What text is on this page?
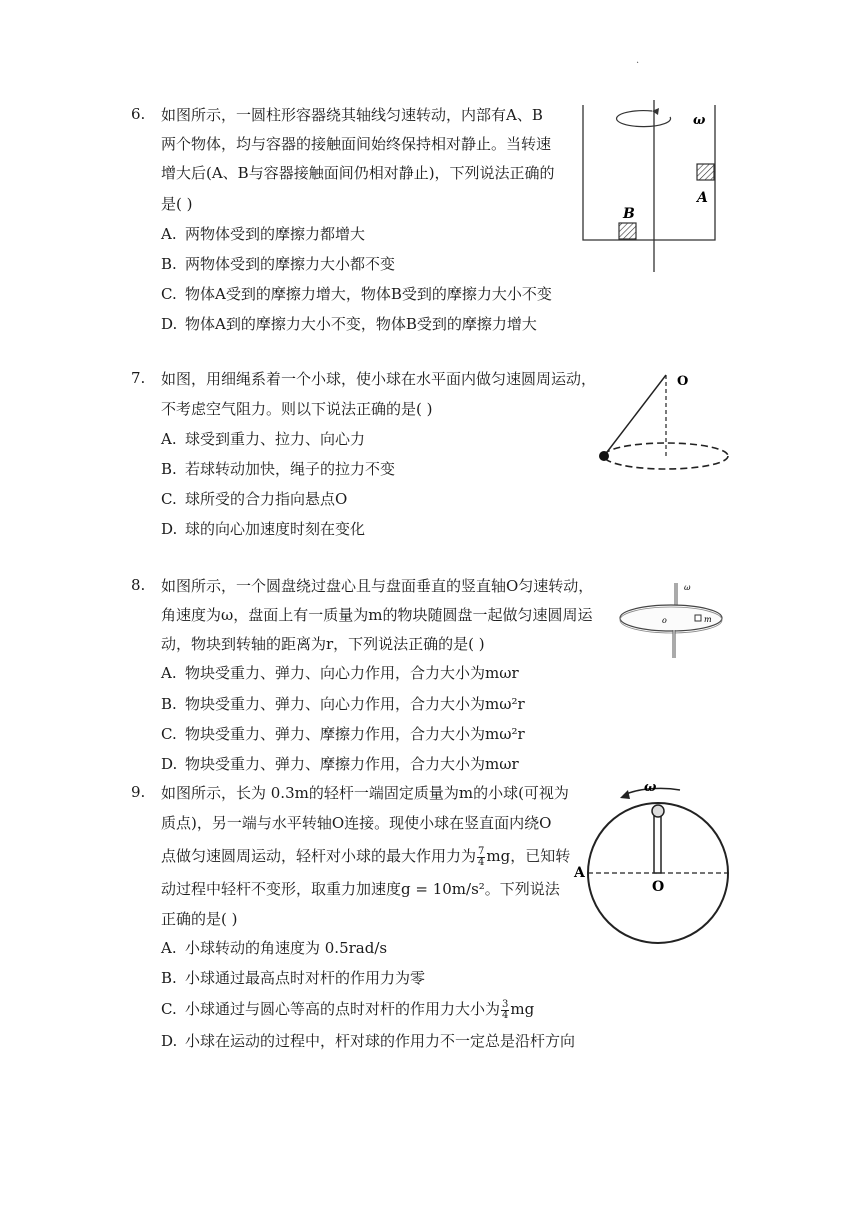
·
6. 如图所示，一圆柱形容器绕其轴线匀速转动，内部有A、B
两个物体，均与容器的接触面间始终保持相对静止。当转速
增大后(A、B与容器接触面间仍相对静止)，下列说法正确的
是( )
A. 两物体受到的摩擦力都增大
B. 两物体受到的摩擦力大小都不变
C. 物体A受到的摩擦力增大，物体B受到的摩擦力大小不变
D. 物体A到的摩擦力大小不变，物体B受到的摩擦力增大
ω
A
B
7. 如图，用细绳系着一个小球，使小球在水平面内做匀速圆周运动，
不考虑空气阻力。则以下说法正确的是( )
A. 球受到重力、拉力、向心力
B. 若球转动加快，绳子的拉力不变
C. 球所受的合力指向悬点O
D. 球的向心加速度时刻在变化
O
8. 如图所示，一个圆盘绕过盘心且与盘面垂直的竖直轴O匀速转动，
角速度为ω，盘面上有一质量为m的物块随圆盘一起做匀速圆周运
动，物块到转轴的距离为r，下列说法正确的是( )
A. 物块受重力、弹力、向心力作用，合力大小为mωr
B. 物块受重力、弹力、向心力作用，合力大小为mω²r
C. 物块受重力、弹力、摩擦力作用，合力大小为mω²r
D. 物块受重力、弹力、摩擦力作用，合力大小为mωr
ω
o	m
9. 如图所示，长为 0.3m的轻杆一端固定质量为m的小球(可视为
质点)，另一端与水平转轴O连接。现使小球在竖直面内绕O
点做匀速圆周运动，轻杆对小球的最大作用力为 $\frac{7}{4}$ mg，已知转
动过程中轻杆不变形，取重力加速度g = 10m/s²。下列说法
正确的是( )
A. 小球转动的角速度为 0.5rad/s
B. 小球通过最高点时对杆的作用力为零
C. 小球通过与圆心等高的点时对杆的作用力大小为 $\frac{3}{4}$ mg
D. 小球在运动的过程中，杆对球的作用力不一定总是沿杆方向
ω
A
O
